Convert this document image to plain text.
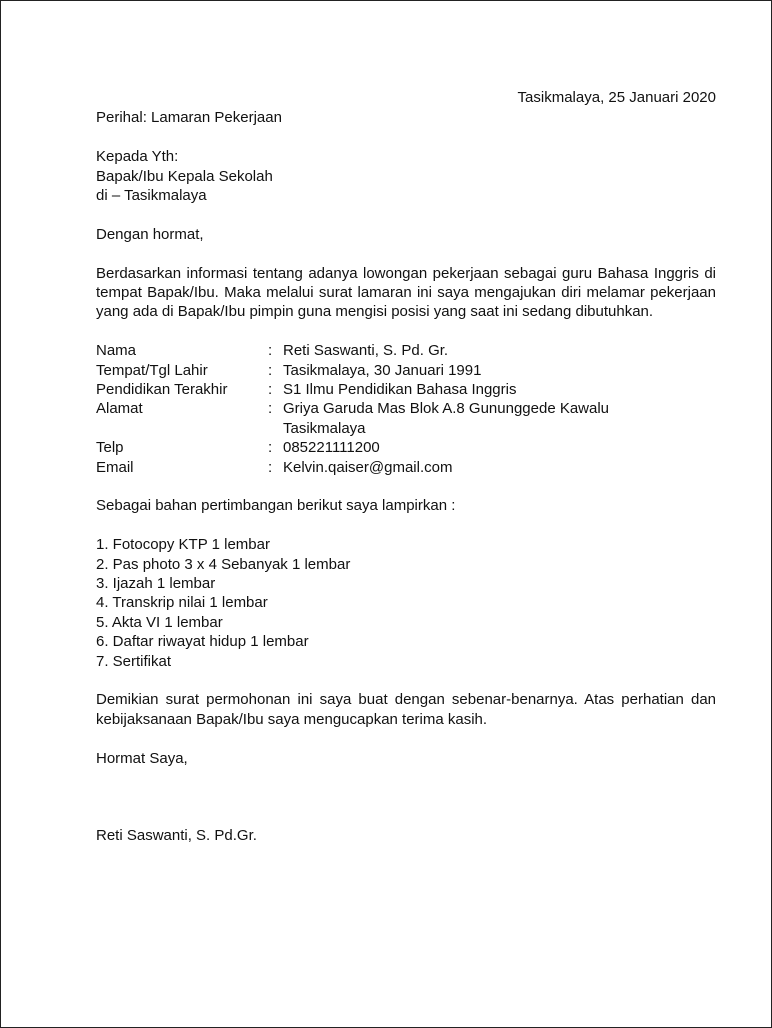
Tasikmalaya, 25 Januari 2020
Perihal: Lamaran Pekerjaan
Kepada Yth:
Bapak/Ibu Kepala Sekolah
di – Tasikmalaya
Dengan hormat,

Berdasarkan informasi tentang adanya lowongan pekerjaan sebagai guru Bahasa Inggris di tempat Bapak/Ibu. Maka melalui surat lamaran ini saya mengajukan diri melamar pekerjaan yang ada di Bapak/Ibu pimpin guna mengisi posisi yang saat ini sedang dibutuhkan.

Nama	:	Reti Saswanti, S. Pd. Gr.
Tempat/Tgl Lahir	:	Tasikmalaya, 30 Januari 1991
Pendidikan Terakhir	:	S1 Ilmu Pendidikan Bahasa Inggris
Alamat	:	Griya Garuda Mas Blok A.8 Gununggede Kawalu
Tasikmalaya

Telp	:	085221111200
Email	:	Kelvin.qaiser@gmail.com
Sebagai bahan pertimbangan berikut saya lampirkan :
1. Fotocopy KTP 1 lembar
2. Pas photo 3 x 4 Sebanyak 1 lembar
3. Ijazah 1 lembar
4. Transkrip nilai 1 lembar
5. Akta VI 1 lembar
6. Daftar riwayat hidup 1 lembar
7. Sertifikat

Demikian surat permohonan ini saya buat dengan sebenar-benarnya. Atas perhatian dan kebijaksanaan Bapak/Ibu saya mengucapkan terima kasih.

Hormat Saya,
Reti Saswanti, S. Pd.Gr.
